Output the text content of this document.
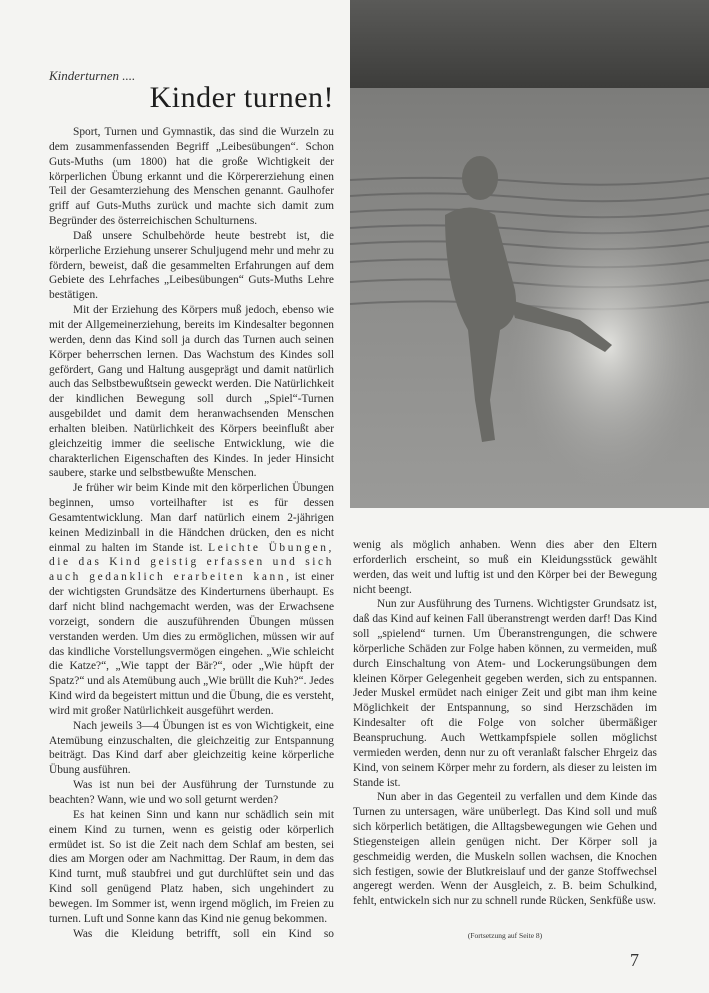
Kinderturnen ....
Kinder turnen!

Sport, Turnen und Gymnastik, das sind die Wurzeln zu dem zusammenfassenden Begriff „Leibesübungen“. Schon Guts-Muths (um 1800) hat die große Wichtigkeit der körperlichen Übung erkannt und die Körpererziehung einen Teil der Gesamterziehung des Menschen genannt. Gaulhofer griff auf Guts-Muths zurück und machte sich damit zum Begründer des österreichischen Schulturnens.

Daß unsere Schulbehörde heute bestrebt ist, die körperliche Erziehung unserer Schuljugend mehr und mehr zu fördern, beweist, daß die gesammelten Erfahrungen auf dem Gebiete des Lehrfaches „Leibesübungen“ Guts-Muths Lehre bestätigen.

Mit der Erziehung des Körpers muß jedoch, ebenso wie mit der Allgemeinerziehung, bereits im Kindesalter begonnen werden, denn das Kind soll ja durch das Turnen auch seinen Körper beherrschen lernen. Das Wachstum des Kindes soll gefördert, Gang und Haltung ausgeprägt und damit natürlich auch das Selbstbewußtsein geweckt werden. Die Natürlichkeit der kindlichen Bewegung soll durch „Spiel“-Turnen ausgebildet und damit dem heranwachsenden Menschen erhalten bleiben. Natürlichkeit des Körpers beeinflußt aber gleichzeitig immer die seelische Entwicklung, wie die charakterlichen Eigenschaften des Kindes. In jeder Hinsicht saubere, starke und selbstbewußte Menschen.

Je früher wir beim Kinde mit den körperlichen Übungen beginnen, umso vorteilhafter ist es für dessen Gesamtentwicklung. Man darf natürlich einem 2-jährigen keinen Medizinball in die Händchen drücken, den es nicht einmal zu halten im Stande ist. Leichte Übungen, die das Kind geistig erfassen und sich auch gedanklich erarbeiten kann, ist einer der wichtigsten Grundsätze des Kinderturnens überhaupt. Es darf nicht blind nachgemacht werden, was der Erwachsene vorzeigt, sondern die auszuführenden Übungen müssen verstanden werden. Um dies zu ermöglichen, müssen wir auf das kindliche Vorstellungsvermögen eingehen. „Wie schleicht die Katze?“, „Wie tappt der Bär?“, oder „Wie hüpft der Spatz?“ und als Atemübung auch „Wie brüllt die Kuh?“. Jedes Kind wird da begeistert mittun und die Übung, die es versteht, wird mit großer Natürlichkeit ausgeführt werden.

Nach jeweils 3—4 Übungen ist es von Wichtigkeit, eine Atemübung einzuschalten, die gleichzeitig zur Entspannung beiträgt. Das Kind darf aber gleichzeitig keine körperliche Übung ausführen.

Was ist nun bei der Ausführung der Turnstunde zu beachten? Wann, wie und wo soll geturnt werden?

Es hat keinen Sinn und kann nur schädlich sein mit einem Kind zu turnen, wenn es geistig oder körperlich ermüdet ist. So ist die Zeit nach dem Schlaf am besten, sei dies am Morgen oder am Nachmittag. Der Raum, in dem das Kind turnt, muß staubfrei und gut durchlüftet sein und das Kind soll genügend Platz haben, sich ungehindert zu bewegen. Im Sommer ist, wenn irgend möglich, im Freien zu turnen. Luft und Sonne kann das Kind nie genug bekommen.

Was die Kleidung betrifft, soll ein Kind so

wenig als möglich anhaben. Wenn dies aber den Eltern erforderlich erscheint, so muß ein Kleidungsstück gewählt werden, das weit und luftig ist und den Körper bei der Bewegung nicht beengt.

Nun zur Ausführung des Turnens. Wichtigster Grundsatz ist, daß das Kind auf keinen Fall überanstrengt werden darf! Das Kind soll „spielend“ turnen. Um Überanstrengungen, die schwere körperliche Schäden zur Folge haben können, zu vermeiden, muß durch Einschaltung von Atem- und Lockerungsübungen dem kleinen Körper Gelegenheit gegeben werden, sich zu entspannen. Jeder Muskel ermüdet nach einiger Zeit und gibt man ihm keine Möglichkeit der Entspannung, so sind Herzschäden im Kindesalter oft die Folge von solcher übermäßiger Beanspruchung. Auch Wettkampfspiele sollen möglichst vermieden werden, denn nur zu oft veranlaßt falscher Ehrgeiz das Kind, von seinem Körper mehr zu fordern, als dieser zu leisten im Stande ist.

Nun aber in das Gegenteil zu verfallen und dem Kinde das Turnen zu untersagen, wäre unüberlegt. Das Kind soll und muß sich körperlich betätigen, die Alltagsbewegungen wie Gehen und Stiegensteigen allein genügen nicht. Der Körper soll ja geschmeidig werden, die Muskeln sollen wachsen, die Knochen sich festigen, sowie der Blutkreislauf und der ganze Stoffwechsel angeregt werden. Wenn der Ausgleich, z. B. beim Schulkind, fehlt, entwickeln sich nur zu schnell runde Rücken, Senkfüße usw.

(Fortsetzung auf Seite 8)
7
